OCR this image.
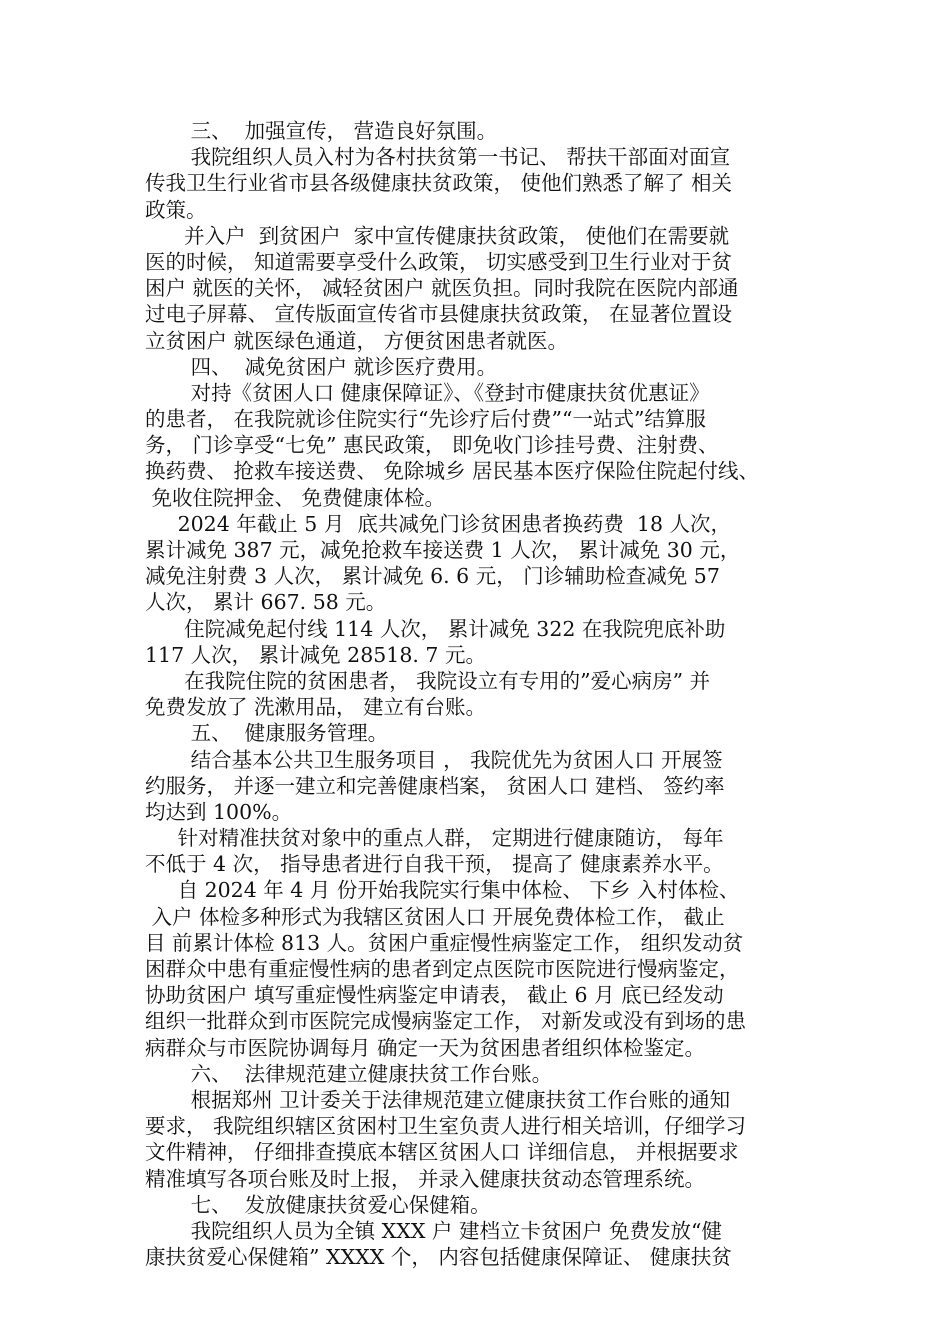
三、  加强宣传， 营造良好氛围。
我院组织人员入村为各村扶贫第一书记、 帮扶干部面对面宣
传我卫生行业省市县各级健康扶贫政策， 使他们熟悉了解了 相关
政策。
并入户  到贫困户  家中宣传健康扶贫政策， 使他们在需要就
医的时候， 知道需要享受什么政策， 切实感受到卫生行业对于贫
困户 就医的关怀， 减轻贫困户 就医负担。同时我院在医院内部通
过电子屏幕、 宣传版面宣传省市县健康扶贫政策， 在显著位置设
立贫困户 就医绿色通道， 方便贫困患者就医。
四、  减免贫困户 就诊医疗费用。
对持《贫困人口 健康保障证》、《登封市健康扶贫优惠证》
的患者， 在我院就诊住院实行“先诊疗后付费”“一站式”结算服
务， 门诊享受“七免” 惠民政策， 即免收门诊挂号费、注射费、
换药费、 抢救车接送费、 免除城乡 居民基本医疗保险住院起付线、
免收住院押金、 免费健康体检。
2024 年截止 5 月  底共减免门诊贫困患者换药费  18 人次，
累计减免 387 元，减免抢救车接送费 1 人次， 累计减免 30 元，
减免注射费 3 人次， 累计减免 6. 6 元， 门诊辅助检查减免 57
人次， 累计 667. 58 元。
住院减免起付线 114 人次， 累计减免 322 在我院兜底补助
117 人次， 累计减免 28518. 7 元。
在我院住院的贫困患者， 我院设立有专用的”爱心病房” 并
免费发放了 洗漱用品， 建立有台账。
五、  健康服务管理。
结合基本公共卫生服务项目 ， 我院优先为贫困人口 开展签
约服务， 并逐一建立和完善健康档案， 贫困人口 建档、 签约率
均达到 100%。
针对精准扶贫对象中的重点人群， 定期进行健康随访， 每年
不低于 4 次， 指导患者进行自我干预， 提高了 健康素养水平。
自 2024 年 4 月 份开始我院实行集中体检、 下乡 入村体检、
入户 体检多种形式为我辖区贫困人口 开展免费体检工作， 截止
目 前累计体检 813 人。贫困户重症慢性病鉴定工作， 组织发动贫
困群众中患有重症慢性病的患者到定点医院市医院进行慢病鉴定，
协助贫困户 填写重症慢性病鉴定申请表， 截止 6 月 底已经发动
组织一批群众到市医院完成慢病鉴定工作， 对新发或没有到场的患
病群众与市医院协调每月 确定一天为贫困患者组织体检鉴定。
六、  法律规范建立健康扶贫工作台账。
根据郑州 卫计委关于法律规范建立健康扶贫工作台账的通知
要求， 我院组织辖区贫困村卫生室负责人进行相关培训，仔细学习
文件精神， 仔细排查摸底本辖区贫困人口 详细信息， 并根据要求
精准填写各项台账及时上报， 并录入健康扶贫动态管理系统。
七、  发放健康扶贫爱心保健箱。
我院组织人员为全镇 XXX 户 建档立卡贫困户 免费发放“健
康扶贫爱心保健箱” XXXX 个， 内容包括健康保障证、 健康扶贫
